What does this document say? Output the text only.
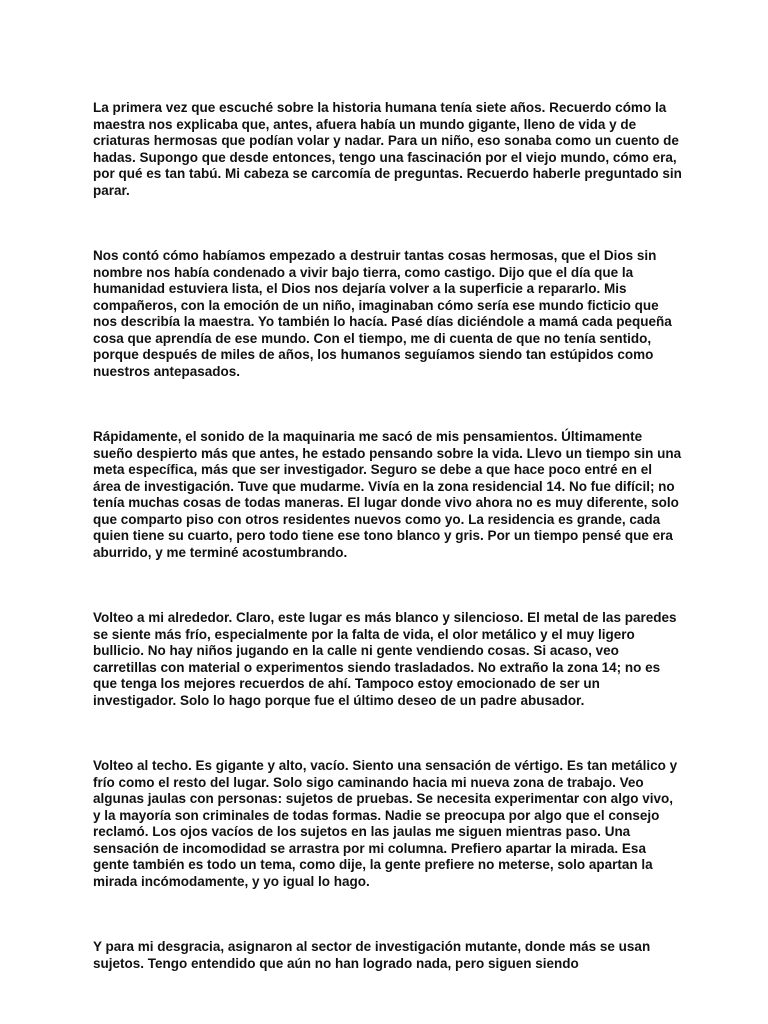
La primera vez que escuché sobre la historia humana tenía siete años. Recuerdo cómo la maestra nos explicaba que, antes, afuera había un mundo gigante, lleno de vida y de criaturas hermosas que podían volar y nadar. Para un niño, eso sonaba como un cuento de hadas. Supongo que desde entonces, tengo una fascinación por el viejo mundo, cómo era, por qué es tan tabú. Mi cabeza se carcomía de preguntas. Recuerdo haberle preguntado sin parar.

Nos contó cómo habíamos empezado a destruir tantas cosas hermosas, que el Dios sin nombre nos había condenado a vivir bajo tierra, como castigo. Dijo que el día que la humanidad estuviera lista, el Dios nos dejaría volver a la superficie a repararlo. Mis compañeros, con la emoción de un niño, imaginaban cómo sería ese mundo ficticio que nos describía la maestra. Yo también lo hacía. Pasé días diciéndole a mamá cada pequeña cosa que aprendía de ese mundo. Con el tiempo, me di cuenta de que no tenía sentido, porque después de miles de años, los humanos seguíamos siendo tan estúpidos como nuestros antepasados.

Rápidamente, el sonido de la maquinaria me sacó de mis pensamientos. Últimamente sueño despierto más que antes, he estado pensando sobre la vida. Llevo un tiempo sin una meta específica, más que ser investigador. Seguro se debe a que hace poco entré en el área de investigación. Tuve que mudarme. Vivía en la zona residencial 14. No fue difícil; no tenía muchas cosas de todas maneras. El lugar donde vivo ahora no es muy diferente, solo que comparto piso con otros residentes nuevos como yo. La residencia es grande, cada quien tiene su cuarto, pero todo tiene ese tono blanco y gris. Por un tiempo pensé que era aburrido, y me terminé acostumbrando.

Volteo a mi alrededor. Claro, este lugar es más blanco y silencioso. El metal de las paredes se siente más frío, especialmente por la falta de vida, el olor metálico y el muy ligero bullicio. No hay niños jugando en la calle ni gente vendiendo cosas. Si acaso, veo carretillas con material o experimentos siendo trasladados. No extraño la zona 14; no es que tenga los mejores recuerdos de ahí. Tampoco estoy emocionado de ser un investigador. Solo lo hago porque fue el último deseo de un padre abusador.

Volteo al techo. Es gigante y alto, vacío. Siento una sensación de vértigo. Es tan metálico y frío como el resto del lugar. Solo sigo caminando hacia mi nueva zona de trabajo. Veo algunas jaulas con personas: sujetos de pruebas. Se necesita experimentar con algo vivo, y la mayoría son criminales de todas formas. Nadie se preocupa por algo que el consejo reclamó. Los ojos vacíos de los sujetos en las jaulas me siguen mientras paso. Una sensación de incomodidad se arrastra por mi columna. Prefiero apartar la mirada. Esa gente también es todo un tema, como dije, la gente prefiere no meterse, solo apartan la mirada incómodamente, y yo igual lo hago.

Y para mi desgracia, asignaron al sector de investigación mutante, donde más se usan sujetos. Tengo entendido que aún no han logrado nada, pero siguen siendo
